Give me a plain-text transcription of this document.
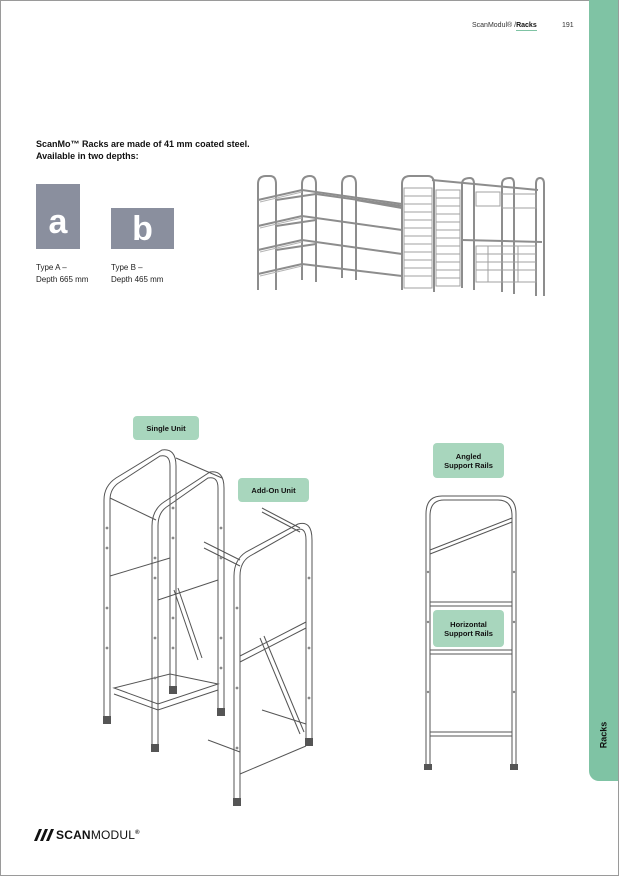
Racks
ScanModul® /Racks	191
ScanMo™ Racks are made of 41 mm coated steel.
Available in two depths:
a b
Type A –
Depth 665 mm
Type B –
Depth 465 mm
Single Unit
Add-On Unit
Angled
Support Rails
Horizontal
Support Rails
SCANMODUL®
